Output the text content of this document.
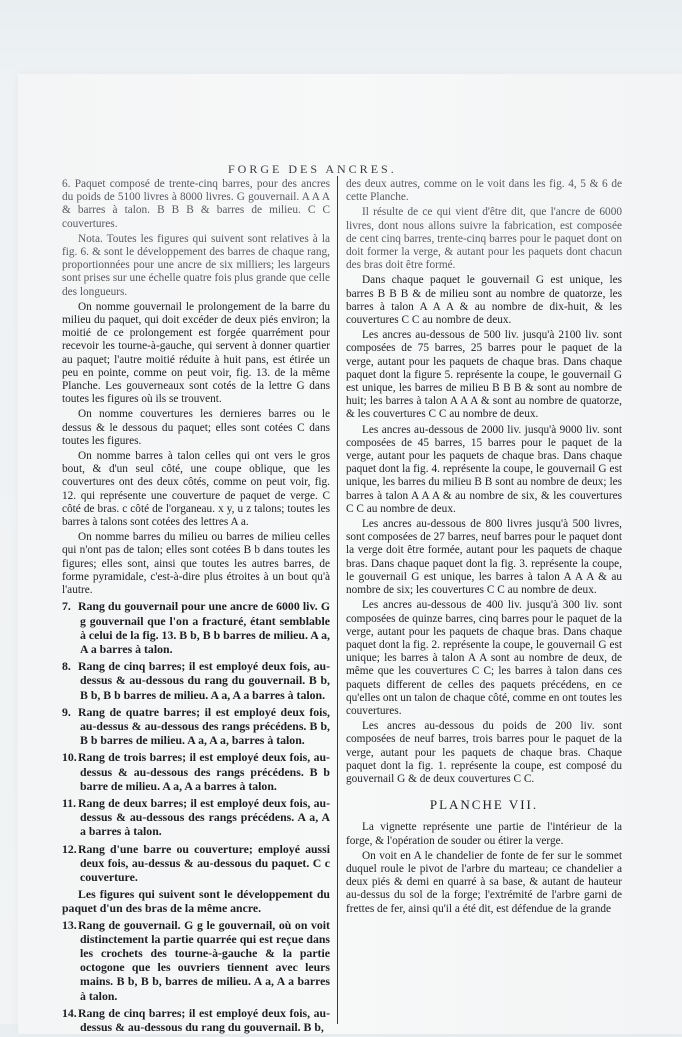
FORGE DES ANCRES.

6. Paquet composé de trente-cinq barres, pour des ancres du poids de 5100 livres à 8000 livres. G gouvernail. A A A & barres à talon. B B B & barres de milieu. C C couvertures.

Nota. Toutes les figures qui suivent sont relatives à la fig. 6. & sont le développement des barres de chaque rang, proportionnées pour une ancre de six milliers; les largeurs sont prises sur une échelle quatre fois plus grande que celle des longueurs.

On nomme gouvernail le prolongement de la barre du milieu du paquet, qui doit excéder de deux piés environ; la moitié de ce prolongement est forgée quarrément pour recevoir les tourne-à-gauche, qui servent à donner quartier au paquet; l'autre moitié réduite à huit pans, est étirée un peu en pointe, comme on peut voir, fig. 13. de la même Planche. Les gouverneaux sont cotés de la lettre G dans toutes les figures où ils se trouvent.

On nomme couvertures les dernieres barres ou le dessus & le dessous du paquet; elles sont cotées C dans toutes les figures.

On nomme barres à talon celles qui ont vers le gros bout, & d'un seul côté, une coupe oblique, que les couvertures ont des deux côtés, comme on peut voir, fig. 12. qui représente une couverture de paquet de verge. C côté de bras. c côté de l'organeau. x y, u z talons; toutes les barres à talons sont cotées des lettres A a.

On nomme barres du milieu ou barres de milieu celles qui n'ont pas de talon; elles sont cotées B b dans toutes les figures; elles sont, ainsi que toutes les autres barres, de forme pyramidale, c'est-à-dire plus étroites à un bout qu'à l'autre.

7. Rang du gouvernail pour une ancre de 6000 liv. G g gouvernail que l'on a fracturé, étant semblable à celui de la fig. 13. B b, B b barres de milieu. A a, A a barres à talon.

8. Rang de cinq barres; il est employé deux fois, au-dessus & au-dessous du rang du gouvernail. B b, B b, B b barres de milieu. A a, A a barres à talon.

9. Rang de quatre barres; il est employé deux fois, au-dessus & au-dessous des rangs précédens. B b, B b barres de milieu. A a, A a, barres à talon.

10.Rang de trois barres; il est employé deux fois, au-dessus & au-dessous des rangs précédens. B b barre de milieu. A a, A a barres à talon.

11. Rang de deux barres; il est employé deux fois, au-dessus & au-dessous des rangs précédens. A a, A a barres à talon.

12.Rang d'une barre ou couverture; employé aussi deux fois, au-dessus & au-dessous du paquet. C c couverture.

Les figures qui suivent sont le développement du paquet d'un des bras de la même ancre.

13.Rang de gouvernail. G g le gouvernail, où on voit distinctement la partie quarrée qui est reçue dans les crochets des tourne-à-gauche & la partie octogone que les ouvriers tiennent avec leurs mains. B b, B b, barres de milieu. A a, A a barres à talon.

14.Rang de cinq barres; il est employé deux fois, au-dessus & au-dessous du rang du gouvernail. B b,

des deux autres, comme on le voit dans les fig. 4, 5 & 6 de cette Planche.

Il résulte de ce qui vient d'être dit, que l'ancre de 6000 livres, dont nous allons suivre la fabrication, est composée de cent cinq barres, trente-cinq barres pour le paquet dont on doit former la verge, & autant pour les paquets dont chacun des bras doit être formé.

Dans chaque paquet le gouvernail G est unique, les barres B B B & de milieu sont au nombre de quatorze, les barres à talon A A A & au nombre de dix-huit, & les couvertures C C au nombre de deux.

Les ancres au-dessous de 500 liv. jusqu'à 2100 liv. sont composées de 75 barres, 25 barres pour le paquet de la verge, autant pour les paquets de chaque bras. Dans chaque paquet dont la figure 5. représente la coupe, le gouvernail G est unique, les barres de milieu B B B & sont au nombre de huit; les barres à talon A A A & sont au nombre de quatorze, & les couvertures C C au nombre de deux.

Les ancres au-dessous de 2000 liv. jusqu'à 9000 liv. sont composées de 45 barres, 15 barres pour le paquet de la verge, autant pour les paquets de chaque bras. Dans chaque paquet dont la fig. 4. représente la coupe, le gouvernail G est unique, les barres du milieu B B sont au nombre de deux; les barres à talon A A A & au nombre de six, & les couvertures C C au nombre de deux.

Les ancres au-dessous de 800 livres jusqu'à 500 livres, sont composées de 27 barres, neuf barres pour le paquet dont la verge doit être formée, autant pour les paquets de chaque bras. Dans chaque paquet dont la fig. 3. représente la coupe, le gouvernail G est unique, les barres à talon A A A & au nombre de six; les couvertures C C au nombre de deux.

Les ancres au-dessous de 400 liv. jusqu'à 300 liv. sont composées de quinze barres, cinq barres pour le paquet de la verge, autant pour les paquets de chaque bras. Dans chaque paquet dont la fig. 2. représente la coupe, le gouvernail G est unique; les barres à talon A A sont au nombre de deux, de même que les couvertures C C; les barres à talon dans ces paquets different de celles des paquets précédens, en ce qu'elles ont un talon de chaque côté, comme en ont toutes les couvertures.

Les ancres au-dessous du poids de 200 liv. sont composées de neuf barres, trois barres pour le paquet de la verge, autant pour les paquets de chaque bras. Chaque paquet dont la fig. 1. représente la coupe, est composé du gouvernail G & de deux couvertures C C.

PLANCHE VII.

La vignette représente une partie de l'intérieur de la forge, & l'opération de souder ou étirer la verge.

On voit en A le chandelier de fonte de fer sur le sommet duquel roule le pivot de l'arbre du marteau; ce chandelier a deux piés & demi en quarré à sa base, & autant de hauteur au-dessus du sol de la forge; l'extrémité de l'arbre garni de frettes de fer, ainsi qu'il a été dit, est défendue de la grande
